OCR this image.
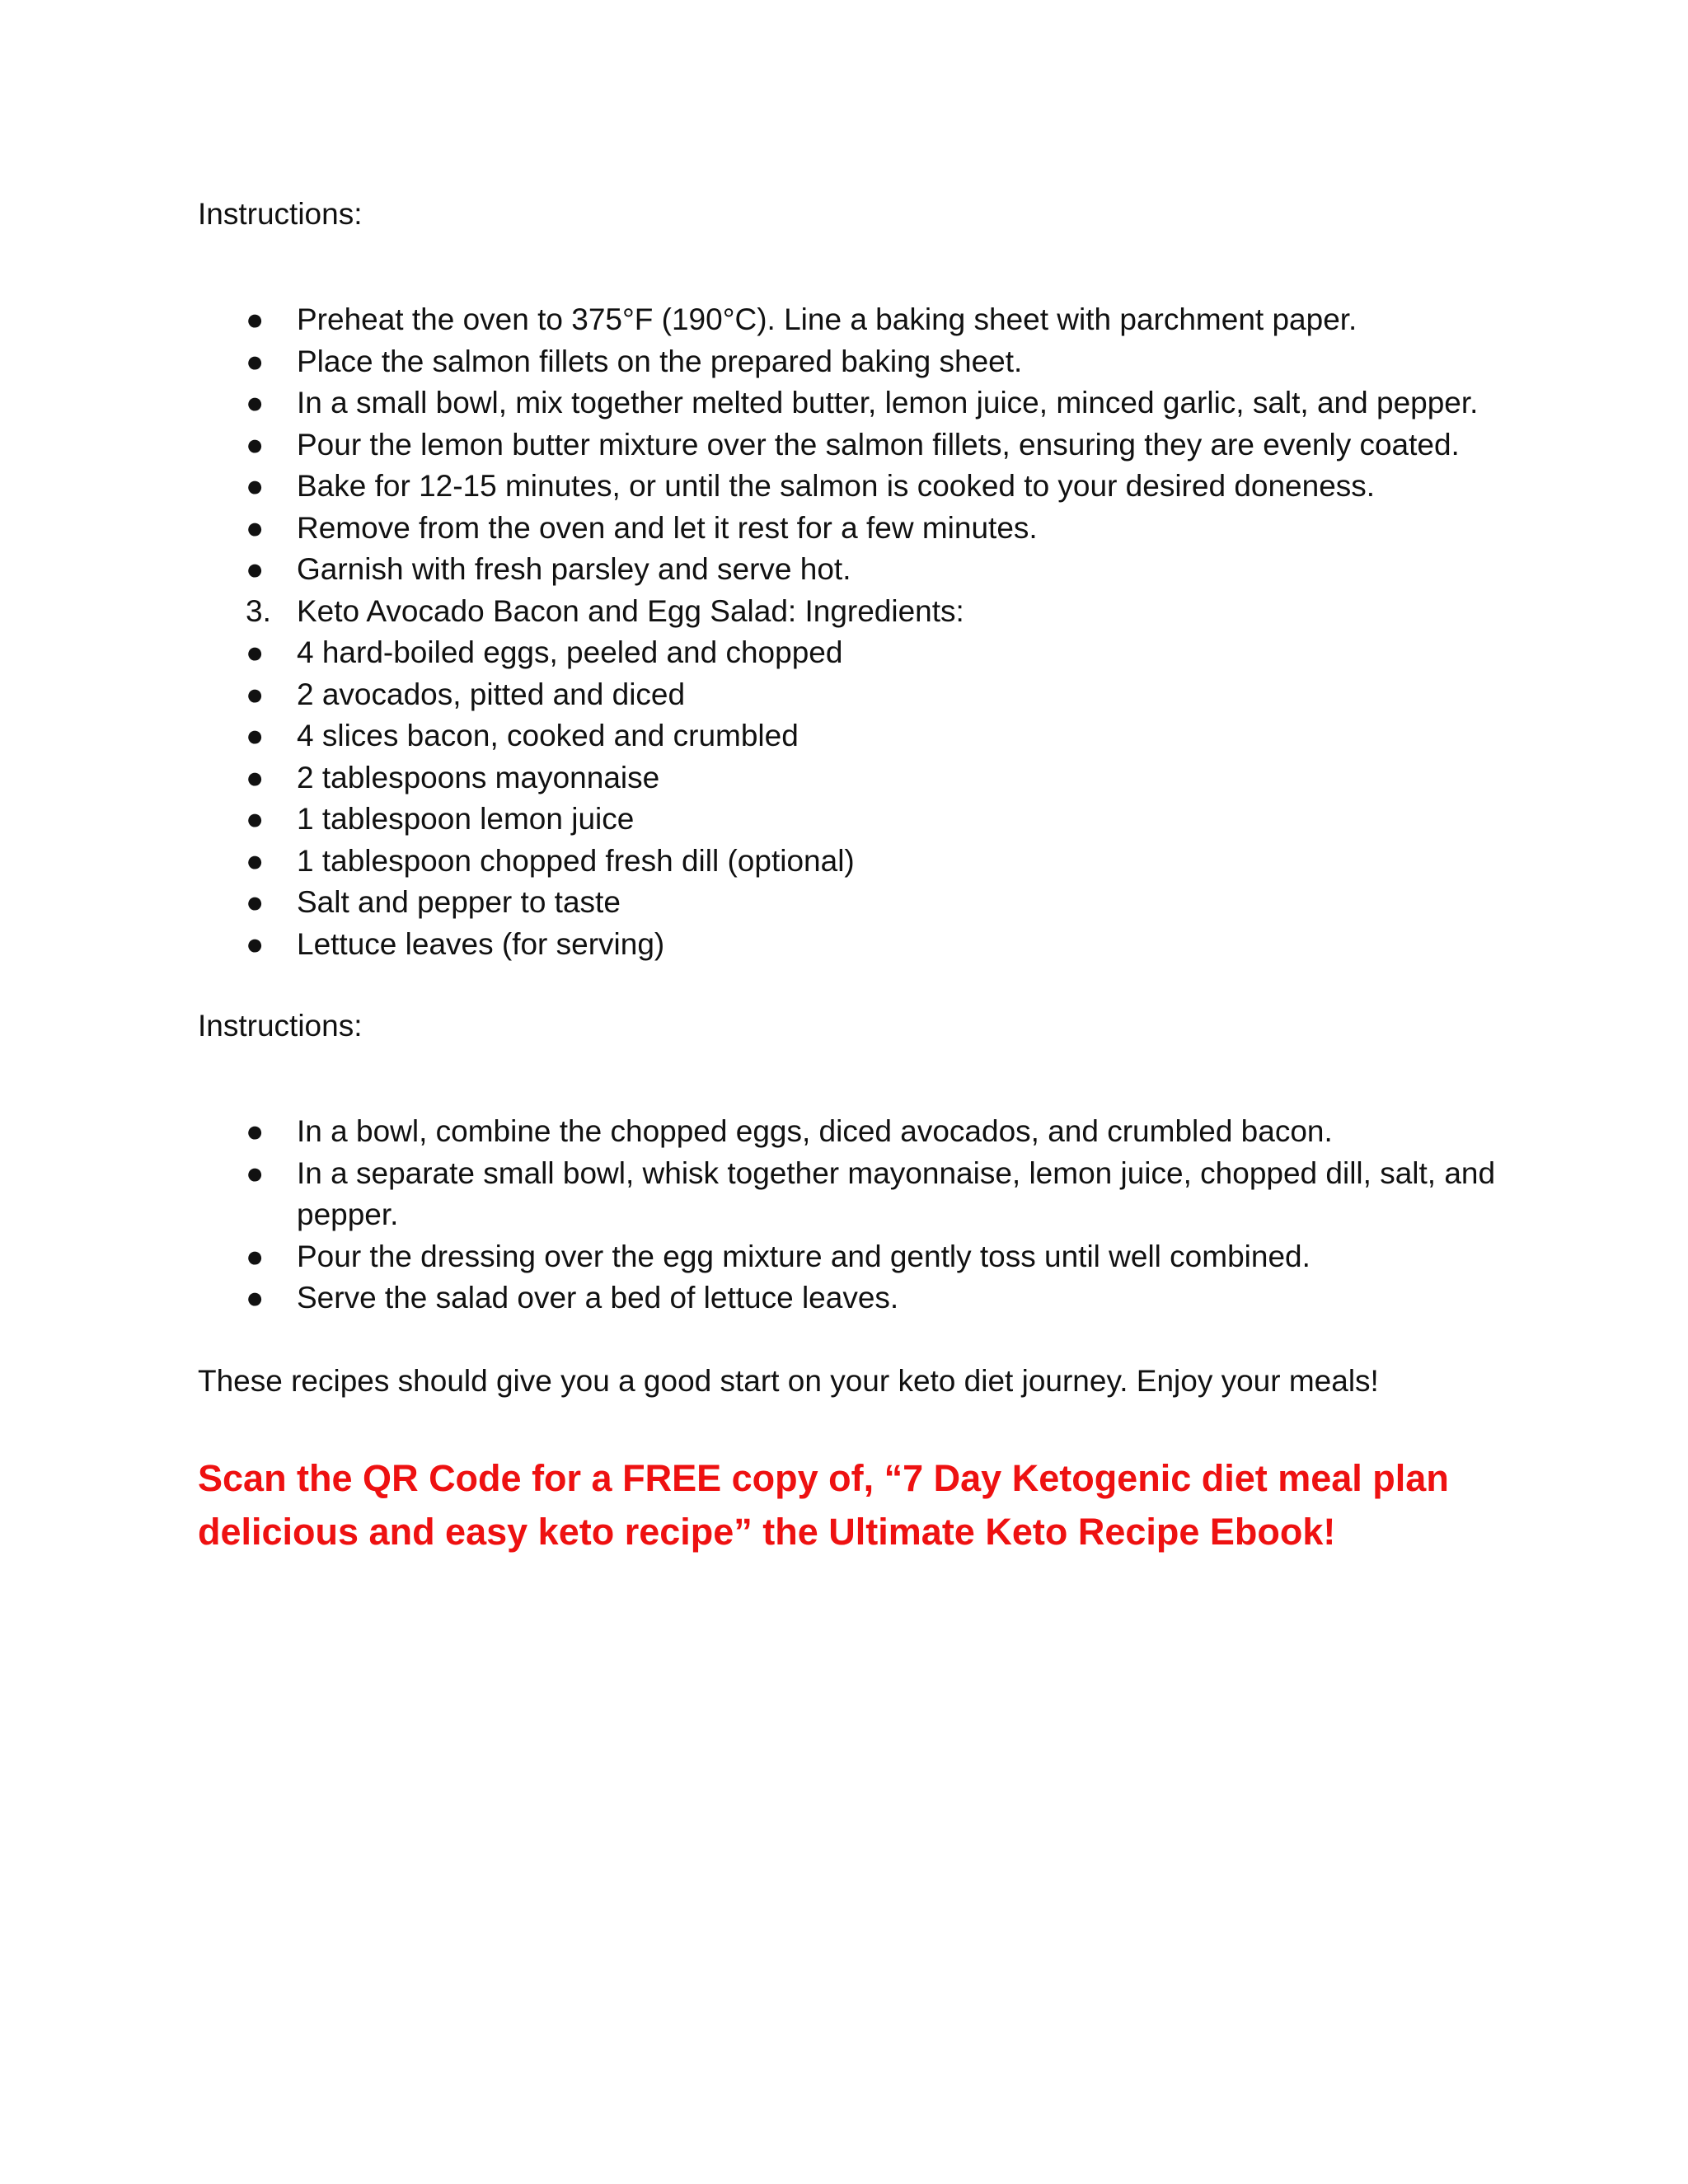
Instructions:

●	Preheat the oven to 375°F (190°C). Line a baking sheet with parchment paper.
●	Place the salmon fillets on the prepared baking sheet.
●	In a small bowl, mix together melted butter, lemon juice, minced garlic, salt, and pepper.
●	Pour the lemon butter mixture over the salmon fillets, ensuring they are evenly coated.
●	Bake for 12-15 minutes, or until the salmon is cooked to your desired doneness.
●	Remove from the oven and let it rest for a few minutes.
●	Garnish with fresh parsley and serve hot.
3. Keto Avocado Bacon and Egg Salad: Ingredients:
●	4 hard-boiled eggs, peeled and chopped
●	2 avocados, pitted and diced
●	4 slices bacon, cooked and crumbled
●	2 tablespoons mayonnaise
●	1 tablespoon lemon juice
●	1 tablespoon chopped fresh dill (optional)
●	Salt and pepper to taste
●	Lettuce leaves (for serving)

Instructions:

●	In a bowl, combine the chopped eggs, diced avocados, and crumbled bacon.
●	In a separate small bowl, whisk together mayonnaise, lemon juice, chopped dill, salt, and pepper.
●	Pour the dressing over the egg mixture and gently toss until well combined.
●	Serve the salad over a bed of lettuce leaves.

These recipes should give you a good start on your keto diet journey. Enjoy your meals!

Scan the QR Code for a FREE copy of, “7 Day Ketogenic diet meal plan delicious and easy keto recipe” the Ultimate Keto Recipe Ebook!
